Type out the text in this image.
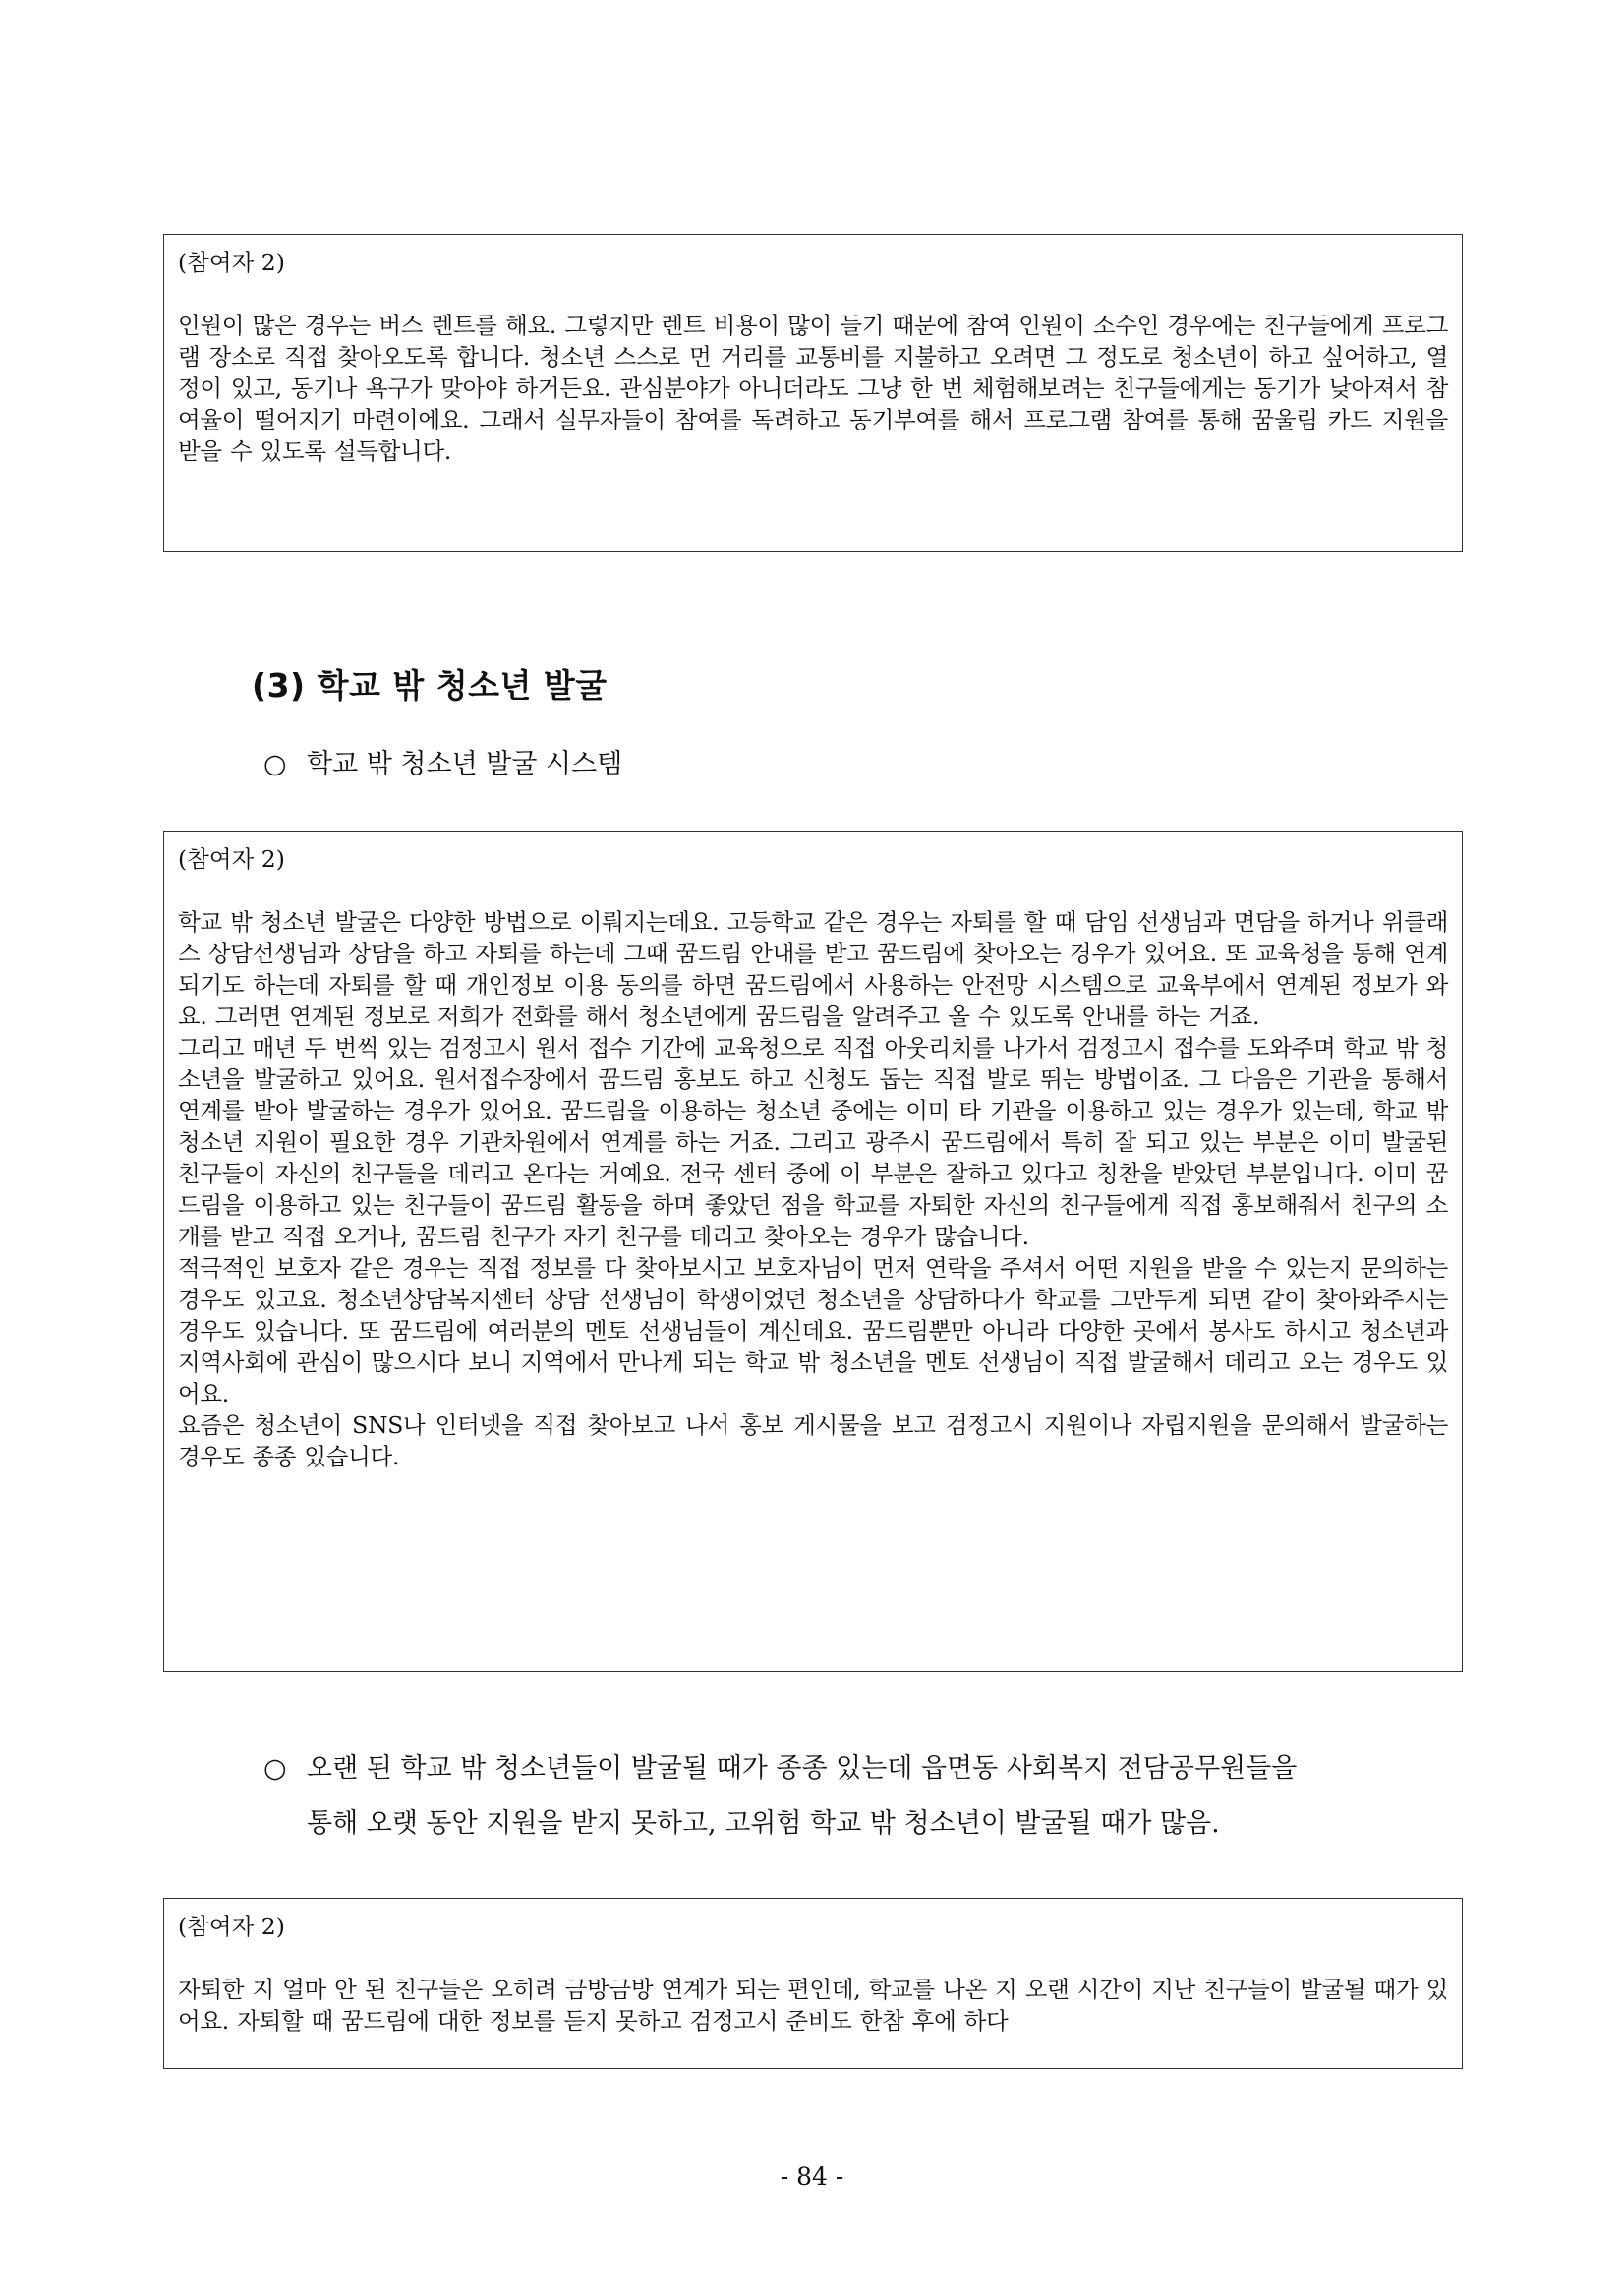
(참여자 2)

인원이 많은 경우는 버스 렌트를 해요. 그렇지만 렌트 비용이 많이 들기 때문에 참여 인원이 소수인 경우에는 친구들에게 프로그램 장소로 직접 찾아오도록 합니다. 청소년 스스로 먼 거리를 교통비를 지불하고 오려면 그 정도로 청소년이 하고 싶어하고, 열정이 있고, 동기나 욕구가 맞아야 하거든요. 관심분야가 아니더라도 그냥 한 번 체험해보려는 친구들에게는 동기가 낮아져서 참여율이 떨어지기 마련이에요. 그래서 실무자들이 참여를 독려하고 동기부여를 해서 프로그램 참여를 통해 꿈울림 카드 지원을 받을 수 있도록 설득합니다.

(3) 학교 밖 청소년 발굴

○ 학교 밖 청소년 발굴 시스템

(참여자 2)

학교 밖 청소년 발굴은 다양한 방법으로 이뤄지는데요. 고등학교 같은 경우는 자퇴를 할 때 담임 선생님과 면담을 하거나 위클래스 상담선생님과 상담을 하고 자퇴를 하는데 그때 꿈드림 안내를 받고 꿈드림에 찾아오는 경우가 있어요. 또 교육청을 통해 연계되기도 하는데 자퇴를 할 때 개인정보 이용 동의를 하면 꿈드림에서 사용하는 안전망 시스템으로 교육부에서 연계된 정보가 와요. 그러면 연계된 정보로 저희가 전화를 해서 청소년에게 꿈드림을 알려주고 올 수 있도록 안내를 하는 거죠.

그리고 매년 두 번씩 있는 검정고시 원서 접수 기간에 교육청으로 직접 아웃리치를 나가서 검정고시 접수를 도와주며 학교 밖 청소년을 발굴하고 있어요. 원서접수장에서 꿈드림 홍보도 하고 신청도 돕는 직접 발로 뛰는 방법이죠. 그 다음은 기관을 통해서 연계를 받아 발굴하는 경우가 있어요. 꿈드림을 이용하는 청소년 중에는 이미 타 기관을 이용하고 있는 경우가 있는데, 학교 밖 청소년 지원이 필요한 경우 기관차원에서 연계를 하는 거죠. 그리고 광주시 꿈드림에서 특히 잘 되고 있는 부분은 이미 발굴된 친구들이 자신의 친구들을 데리고 온다는 거예요. 전국 센터 중에 이 부분은 잘하고 있다고 칭찬을 받았던 부분입니다. 이미 꿈드림을 이용하고 있는 친구들이 꿈드림 활동을 하며 좋았던 점을 학교를 자퇴한 자신의 친구들에게 직접 홍보해줘서 친구의 소개를 받고 직접 오거나, 꿈드림 친구가 자기 친구를 데리고 찾아오는 경우가 많습니다.

적극적인 보호자 같은 경우는 직접 정보를 다 찾아보시고 보호자님이 먼저 연락을 주셔서 어떤 지원을 받을 수 있는지 문의하는 경우도 있고요. 청소년상담복지센터 상담 선생님이 학생이었던 청소년을 상담하다가 학교를 그만두게 되면 같이 찾아와주시는 경우도 있습니다. 또 꿈드림에 여러분의 멘토 선생님들이 계신데요. 꿈드림뿐만 아니라 다양한 곳에서 봉사도 하시고 청소년과 지역사회에 관심이 많으시다 보니 지역에서 만나게 되는 학교 밖 청소년을 멘토 선생님이 직접 발굴해서 데리고 오는 경우도 있어요.

요즘은 청소년이 SNS나 인터넷을 직접 찾아보고 나서 홍보 게시물을 보고 검정고시 지원이나 자립지원을 문의해서 발굴하는 경우도 종종 있습니다.

○ 오랜 된 학교 밖 청소년들이 발굴될 때가 종종 있는데 읍면동 사회복지 전담공무원들을
통해 오랫 동안 지원을 받지 못하고, 고위험 학교 밖 청소년이 발굴될 때가 많음.

(참여자 2)

자퇴한 지 얼마 안 된 친구들은 오히려 금방금방 연계가 되는 편인데, 학교를 나온 지 오랜 시간이 지난 친구들이 발굴될 때가 있어요. 자퇴할 때 꿈드림에 대한 정보를 듣지 못하고 검정고시 준비도 한참 후에 하다

- 84 -
